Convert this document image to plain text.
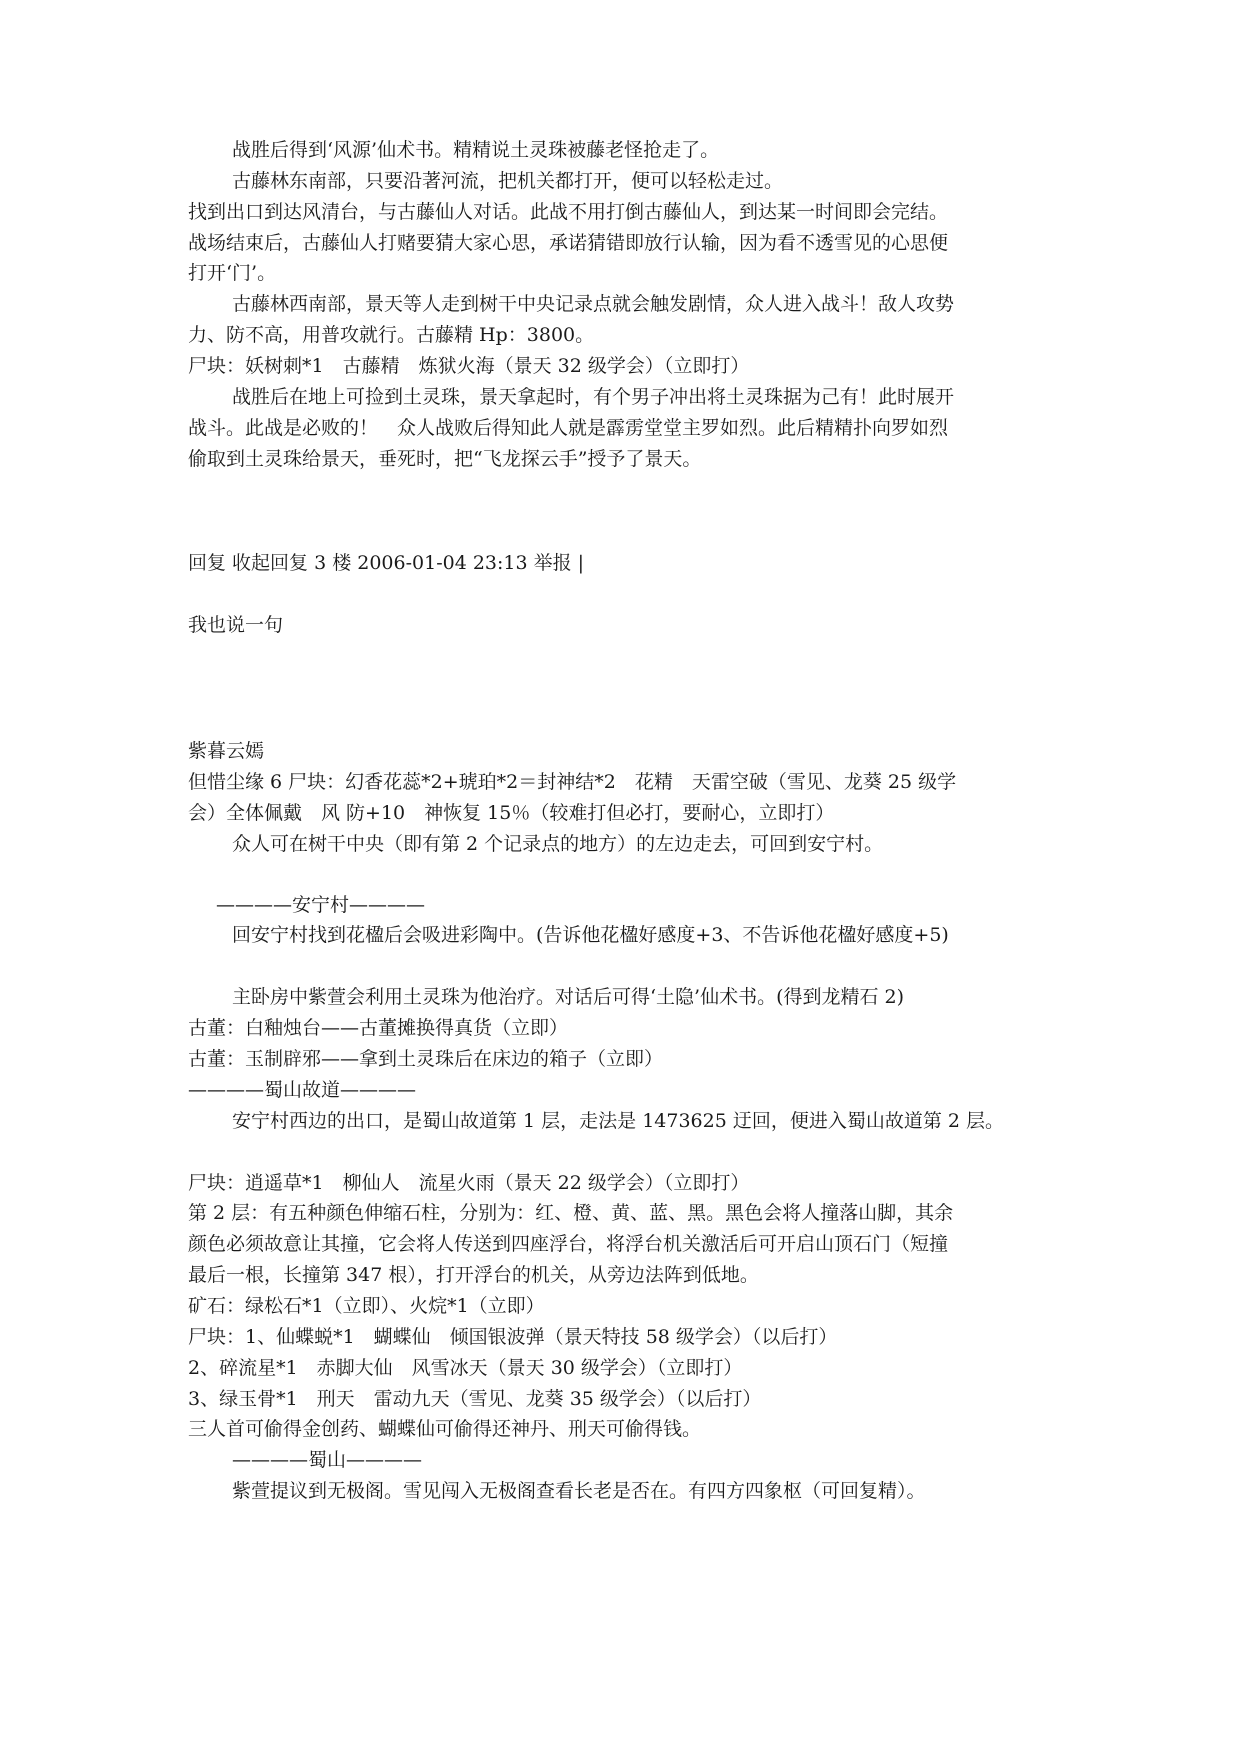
战胜后得到‘风源’仙术书。精精说土灵珠被藤老怪抢走了。
古藤林东南部，只要沿著河流，把机关都打开，便可以轻松走过。
找到出口到达风清台，与古藤仙人对话。此战不用打倒古藤仙人，到达某一时间即会完结。
战场结束后，古藤仙人打赌要猜大家心思，承诺猜错即放行认输，因为看不透雪见的心思便
打开‘门’。
古藤林西南部，景天等人走到树干中央记录点就会触发剧情，众人进入战斗！敌人攻势
力、防不高，用普攻就行。古藤精 Hp：3800。
尸块：妖树刺*1　古藤精　炼狱火海（景天 32 级学会）（立即打）
战胜后在地上可捡到土灵珠，景天拿起时，有个男子冲出将土灵珠据为己有！此时展开
战斗。此战是必败的！　众人战败后得知此人就是霹雳堂堂主罗如烈。此后精精扑向罗如烈
偷取到土灵珠给景天，垂死时，把“飞龙探云手”授予了景天。
回复 收起回复 3 楼 2006-01-04 23:13 举报 |
我也说一句
紫暮云嫣
但惜尘缘 6 尸块：幻香花蕊*2+琥珀*2＝封神结*2　花精　天雷空破（雪见、龙葵 25 级学
会）全体佩戴　风 防+10　神恢复 15％（较难打但必打，要耐心，立即打）
众人可在树干中央（即有第 2 个记录点的地方）的左边走去，可回到安宁村。
————安宁村————
回安宁村找到花楹后会吸进彩陶中。(告诉他花楹好感度+3、不告诉他花楹好感度+5)
主卧房中紫萱会利用土灵珠为他治疗。对话后可得‘土隐’仙术书。(得到龙精石 2)
古董：白釉烛台——古董摊换得真货（立即）
古董：玉制辟邪——拿到土灵珠后在床边的箱子（立即）
————蜀山故道————
安宁村西边的出口，是蜀山故道第 1 层，走法是 1473625 迂回，便进入蜀山故道第 2 层。
尸块：逍遥草*1　柳仙人　流星火雨（景天 22 级学会）（立即打）
第 2 层：有五种颜色伸缩石柱，分别为：红、橙、黄、蓝、黑。黑色会将人撞落山脚，其余
颜色必须故意让其撞，它会将人传送到四座浮台，将浮台机关激活后可开启山顶石门（短撞
最后一根，长撞第 347 根），打开浮台的机关，从旁边法阵到低地。
矿石：绿松石*1（立即）、火烷*1（立即）
尸块：1、仙蝶蜕*1　蝴蝶仙　倾国银波弹（景天特技 58 级学会）（以后打）
2、碎流星*1　赤脚大仙　风雪冰天（景天 30 级学会）（立即打）
3、绿玉骨*1　刑天　雷动九天（雪见、龙葵 35 级学会）（以后打）
三人首可偷得金创药、蝴蝶仙可偷得还神丹、刑天可偷得钱。
————蜀山————
紫萱提议到无极阁。雪见闯入无极阁查看长老是否在。有四方四象枢（可回复精）。
